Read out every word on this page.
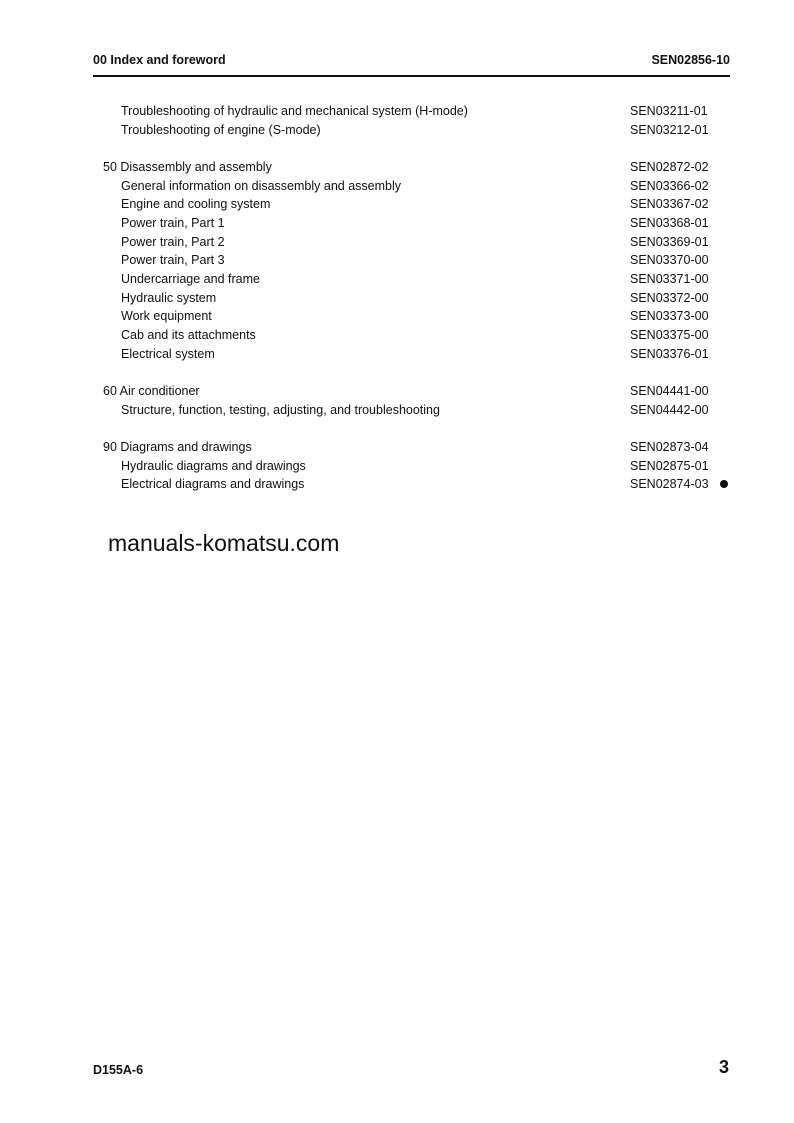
00 Index and foreword	SEN02856-10
Troubleshooting of hydraulic and mechanical system (H-mode)	SEN03211-01
Troubleshooting of engine (S-mode)	SEN03212-01
50 Disassembly and assembly	SEN02872-02
General information on disassembly and assembly	SEN03366-02
Engine and cooling system	SEN03367-02
Power train, Part 1	SEN03368-01
Power train, Part 2	SEN03369-01
Power train, Part 3	SEN03370-00
Undercarriage and frame	SEN03371-00
Hydraulic system	SEN03372-00
Work equipment	SEN03373-00
Cab and its attachments	SEN03375-00
Electrical system	SEN03376-01
60 Air conditioner	SEN04441-00
Structure, function, testing, adjusting, and troubleshooting	SEN04442-00
90 Diagrams and drawings	SEN02873-04
Hydraulic diagrams and drawings	SEN02875-01
Electrical diagrams and drawings	SEN02874-03
manuals-komatsu.com
D155A-6	3
